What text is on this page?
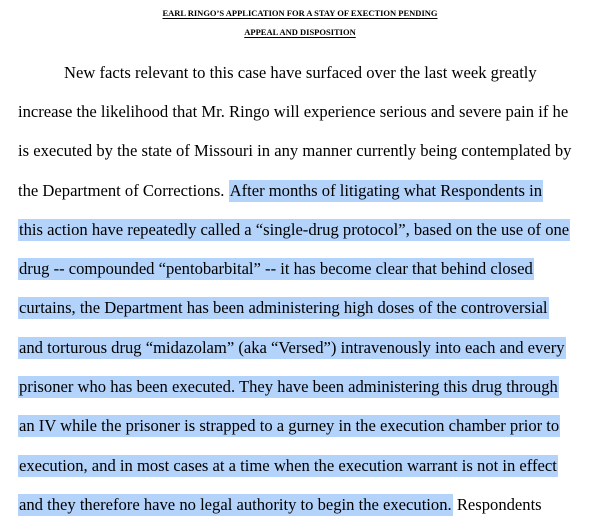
EARL RINGO’S APPLICATION FOR A STAY OF EXECTION PENDING
APPEAL AND DISPOSITION
New facts relevant to this case have surfaced over the last week greatly
increase the likelihood that Mr. Ringo will experience serious and severe pain if he
is executed by the state of Missouri in any manner currently being contemplated by
the Department of Corrections. After months of litigating what Respondents in
this action have repeatedly called a “single-drug protocol”, based on the use of one
drug -- compounded “pentobarbital” -- it has become clear that behind closed
curtains, the Department has been administering high doses of the controversial
and torturous drug “midazolam” (aka “Versed”) intravenously into each and every
prisoner who has been executed. They have been administering this drug through
an IV while the prisoner is strapped to a gurney in the execution chamber prior to
execution, and in most cases at a time when the execution warrant is not in effect
and they therefore have no legal authority to begin the execution. Respondents
